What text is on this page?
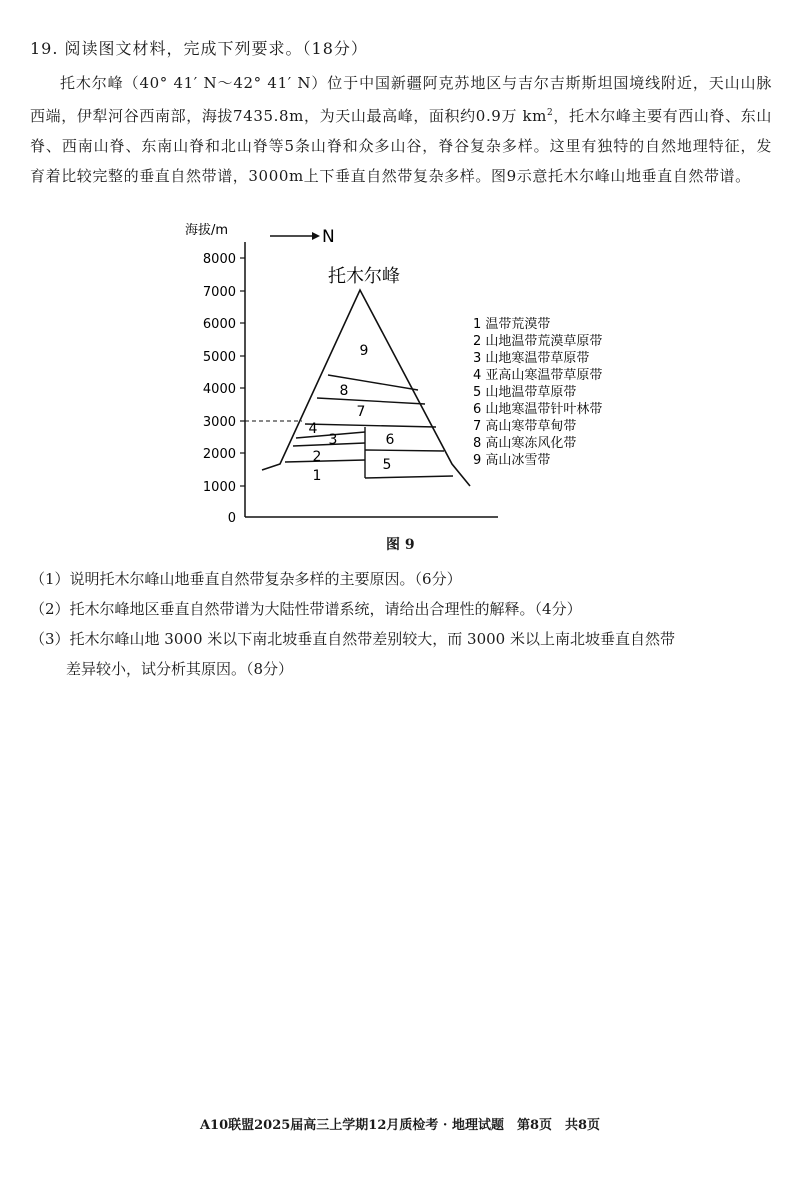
19. 阅读图文材料，完成下列要求。（18分）
托木尔峰（40° 41′ N～42° 41′ N）位于中国新疆阿克苏地区与吉尔吉斯斯坦国境线附近，天山山脉西端，伊犁河谷西南部，海拔7435.8m，为天山最高峰，面积约0.9万 $km^2$，托木尔峰主要有西山脊、东山脊、西南山脊、东南山脊和北山脊等5条山脊和众多山谷，脊谷复杂多样。这里有独特的自然地理特征，发育着比较完整的垂直自然带谱，3000m上下垂直自然带复杂多样。图9示意托木尔峰山地垂直自然带谱。
海拔/m	N
8000
7000
6000
5000
4000
3000
2000
1000
0
托木尔峰
1
2
3
4
5
6
7
8
9
1 温带荒漠带
2 山地温带荒漠草原带
3 山地寒温带草原带
4 亚高山寒温带草原带
5 山地温带草原带
6 山地寒温带针叶林带
7 高山寒带草甸带
8 高山寒冻风化带
9 高山冰雪带
图 9
（1）说明托木尔峰山地垂直自然带复杂多样的主要原因。（6分）
（2）托木尔峰地区垂直自然带谱为大陆性带谱系统，请给出合理性的解释。（4分）
（3）托木尔峰山地 3000 米以下南北坡垂直自然带差别较大，而 3000 米以上南北坡垂直自然带
差异较小，试分析其原因。（8分）
A10联盟2025届高三上学期12月质检考 · 地理试题　第8页　共8页
